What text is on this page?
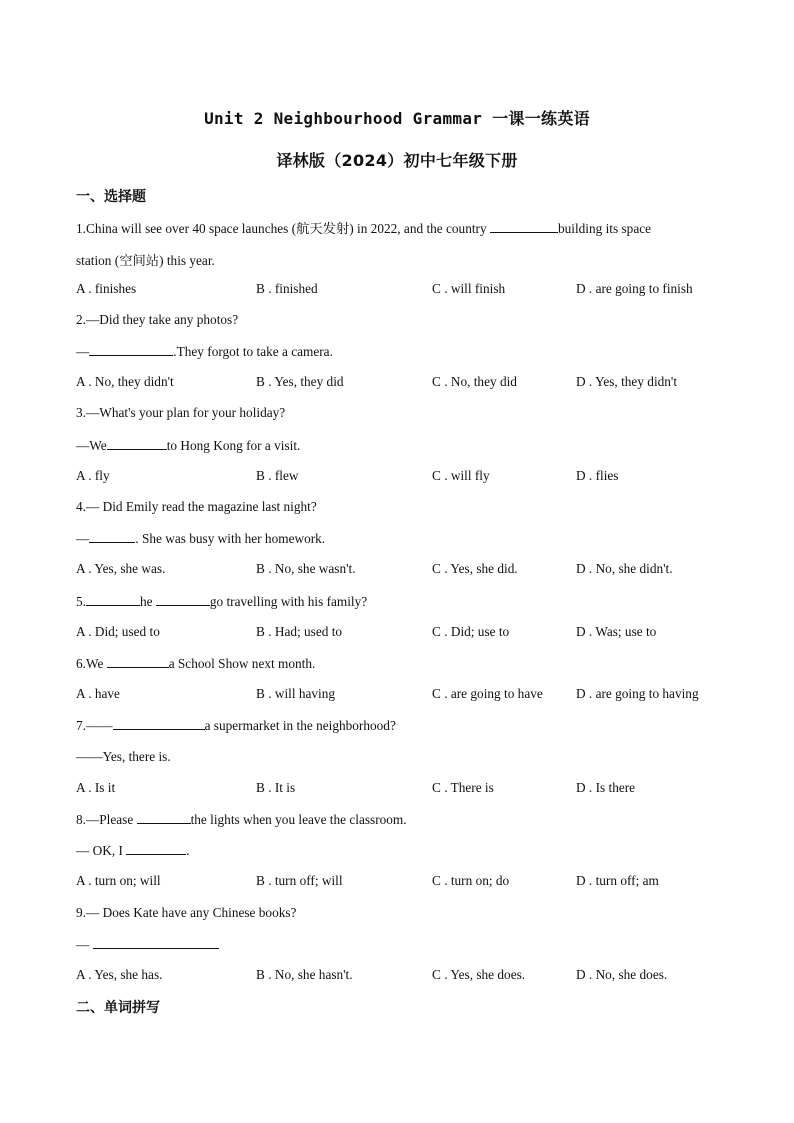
Unit 2 Neighbourhood Grammar 一课一练英语
译林版（2024）初中七年级下册
一、选择题
1.China will see over 40 space launches (航天发射) in 2022, and the country	building its space
station (空间站) this year.
A . finishes	B . finished	C . will finish	D . are going to finish
2.—Did they take any photos?
—	.They forgot to take a camera.
A . No, they didn't	B . Yes, they did	C . No, they did	D . Yes, they didn't
3.—What's your plan for your holiday?
—We	to Hong Kong for a visit.
A . fly	B . flew	C . will fly	D . flies
4.— Did Emily read the magazine last night?
—	. She was busy with her homework.
A . Yes, she was.	B . No, she wasn't.	C . Yes, she did.	D . No, she didn't.
5.	he	go travelling with his family?
A . Did; used to	B . Had; used to	C . Did; use to	D . Was; use to
6.We	a School Show next month.
A . have	B . will having	C . are going to have D . are going to having
7.——	a supermarket in the neighborhood?
——Yes, there is.
A . Is it	B . It is	C . There is	D . Is there
8.—Please	the lights when you leave the classroom.
— OK, I	.
A . turn on; will	B . turn off; will	C . turn on; do	D . turn off; am
9.— Does Kate have any Chinese books?
—
A . Yes, she has.	B . No, she hasn't.	C . Yes, she does.	D . No, she does.
二、单词拼写
